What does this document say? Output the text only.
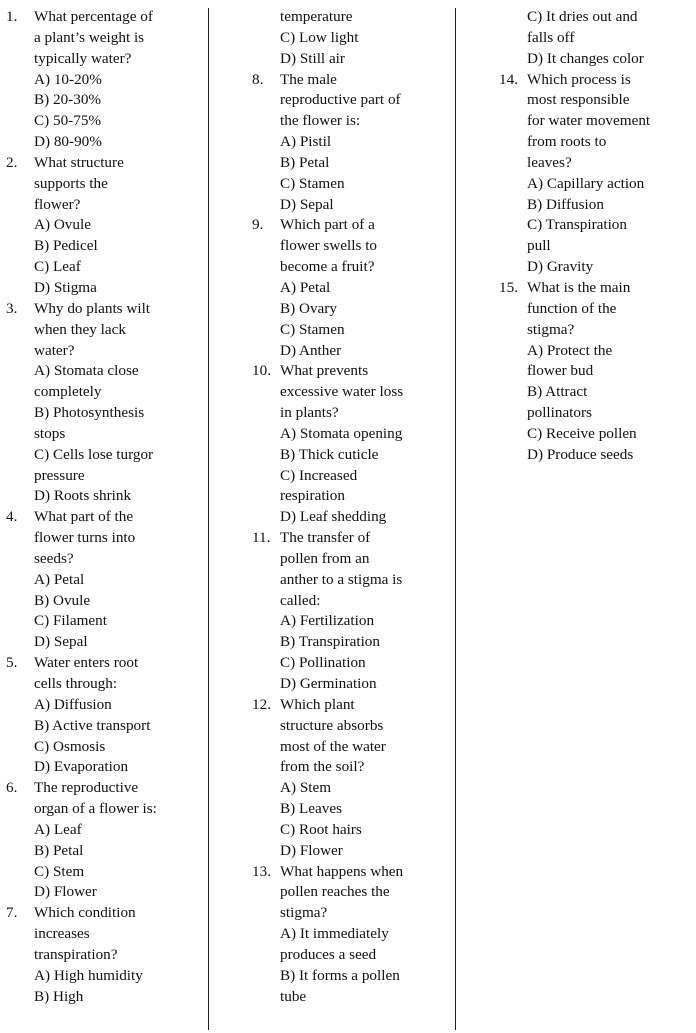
1.	What percentage of
a plant’s weight is
typically water?
A) 10-20%
B) 20-30%
C) 50-75%
D) 80-90%
2.	What structure
supports the
flower?
A) Ovule
B) Pedicel
C) Leaf
D) Stigma
3.	Why do plants wilt
when they lack
water?
A) Stomata close
completely
B) Photosynthesis
stops
C) Cells lose turgor
pressure
D) Roots shrink
4.	What part of the
flower turns into
seeds?
A) Petal
B) Ovule
C) Filament
D) Sepal
5.	Water enters root
cells through:
A) Diffusion
B) Active transport
C) Osmosis
D) Evaporation
6.	The reproductive
organ of a flower is:
A) Leaf
B) Petal
C) Stem
D) Flower
7.	Which condition
increases
transpiration?
A) High humidity
B) High
temperature
C) Low light
D) Still air
8.	The male
reproductive part of
the flower is:
A) Pistil
B) Petal
C) Stamen
D) Sepal
9.	Which part of a
flower swells to
become a fruit?
A) Petal
B) Ovary
C) Stamen
D) Anther
10. What prevents
excessive water loss
in plants?
A) Stomata opening
B) Thick cuticle
C) Increased
respiration
D) Leaf shedding
11. The transfer of
pollen from an
anther to a stigma is
called:
A) Fertilization
B) Transpiration
C) Pollination
D) Germination
12. Which plant
structure absorbs
most of the water
from the soil?
A) Stem
B) Leaves
C) Root hairs
D) Flower
13. What happens when
pollen reaches the
stigma?
A) It immediately
produces a seed
B) It forms a pollen
tube
C) It dries out and
falls off
D) It changes color
14. Which process is
most responsible
for water movement
from roots to
leaves?
A) Capillary action
B) Diffusion
C) Transpiration
pull
D) Gravity
15. What is the main
function of the
stigma?
A) Protect the
flower bud
B) Attract
pollinators
C) Receive pollen
D) Produce seeds
